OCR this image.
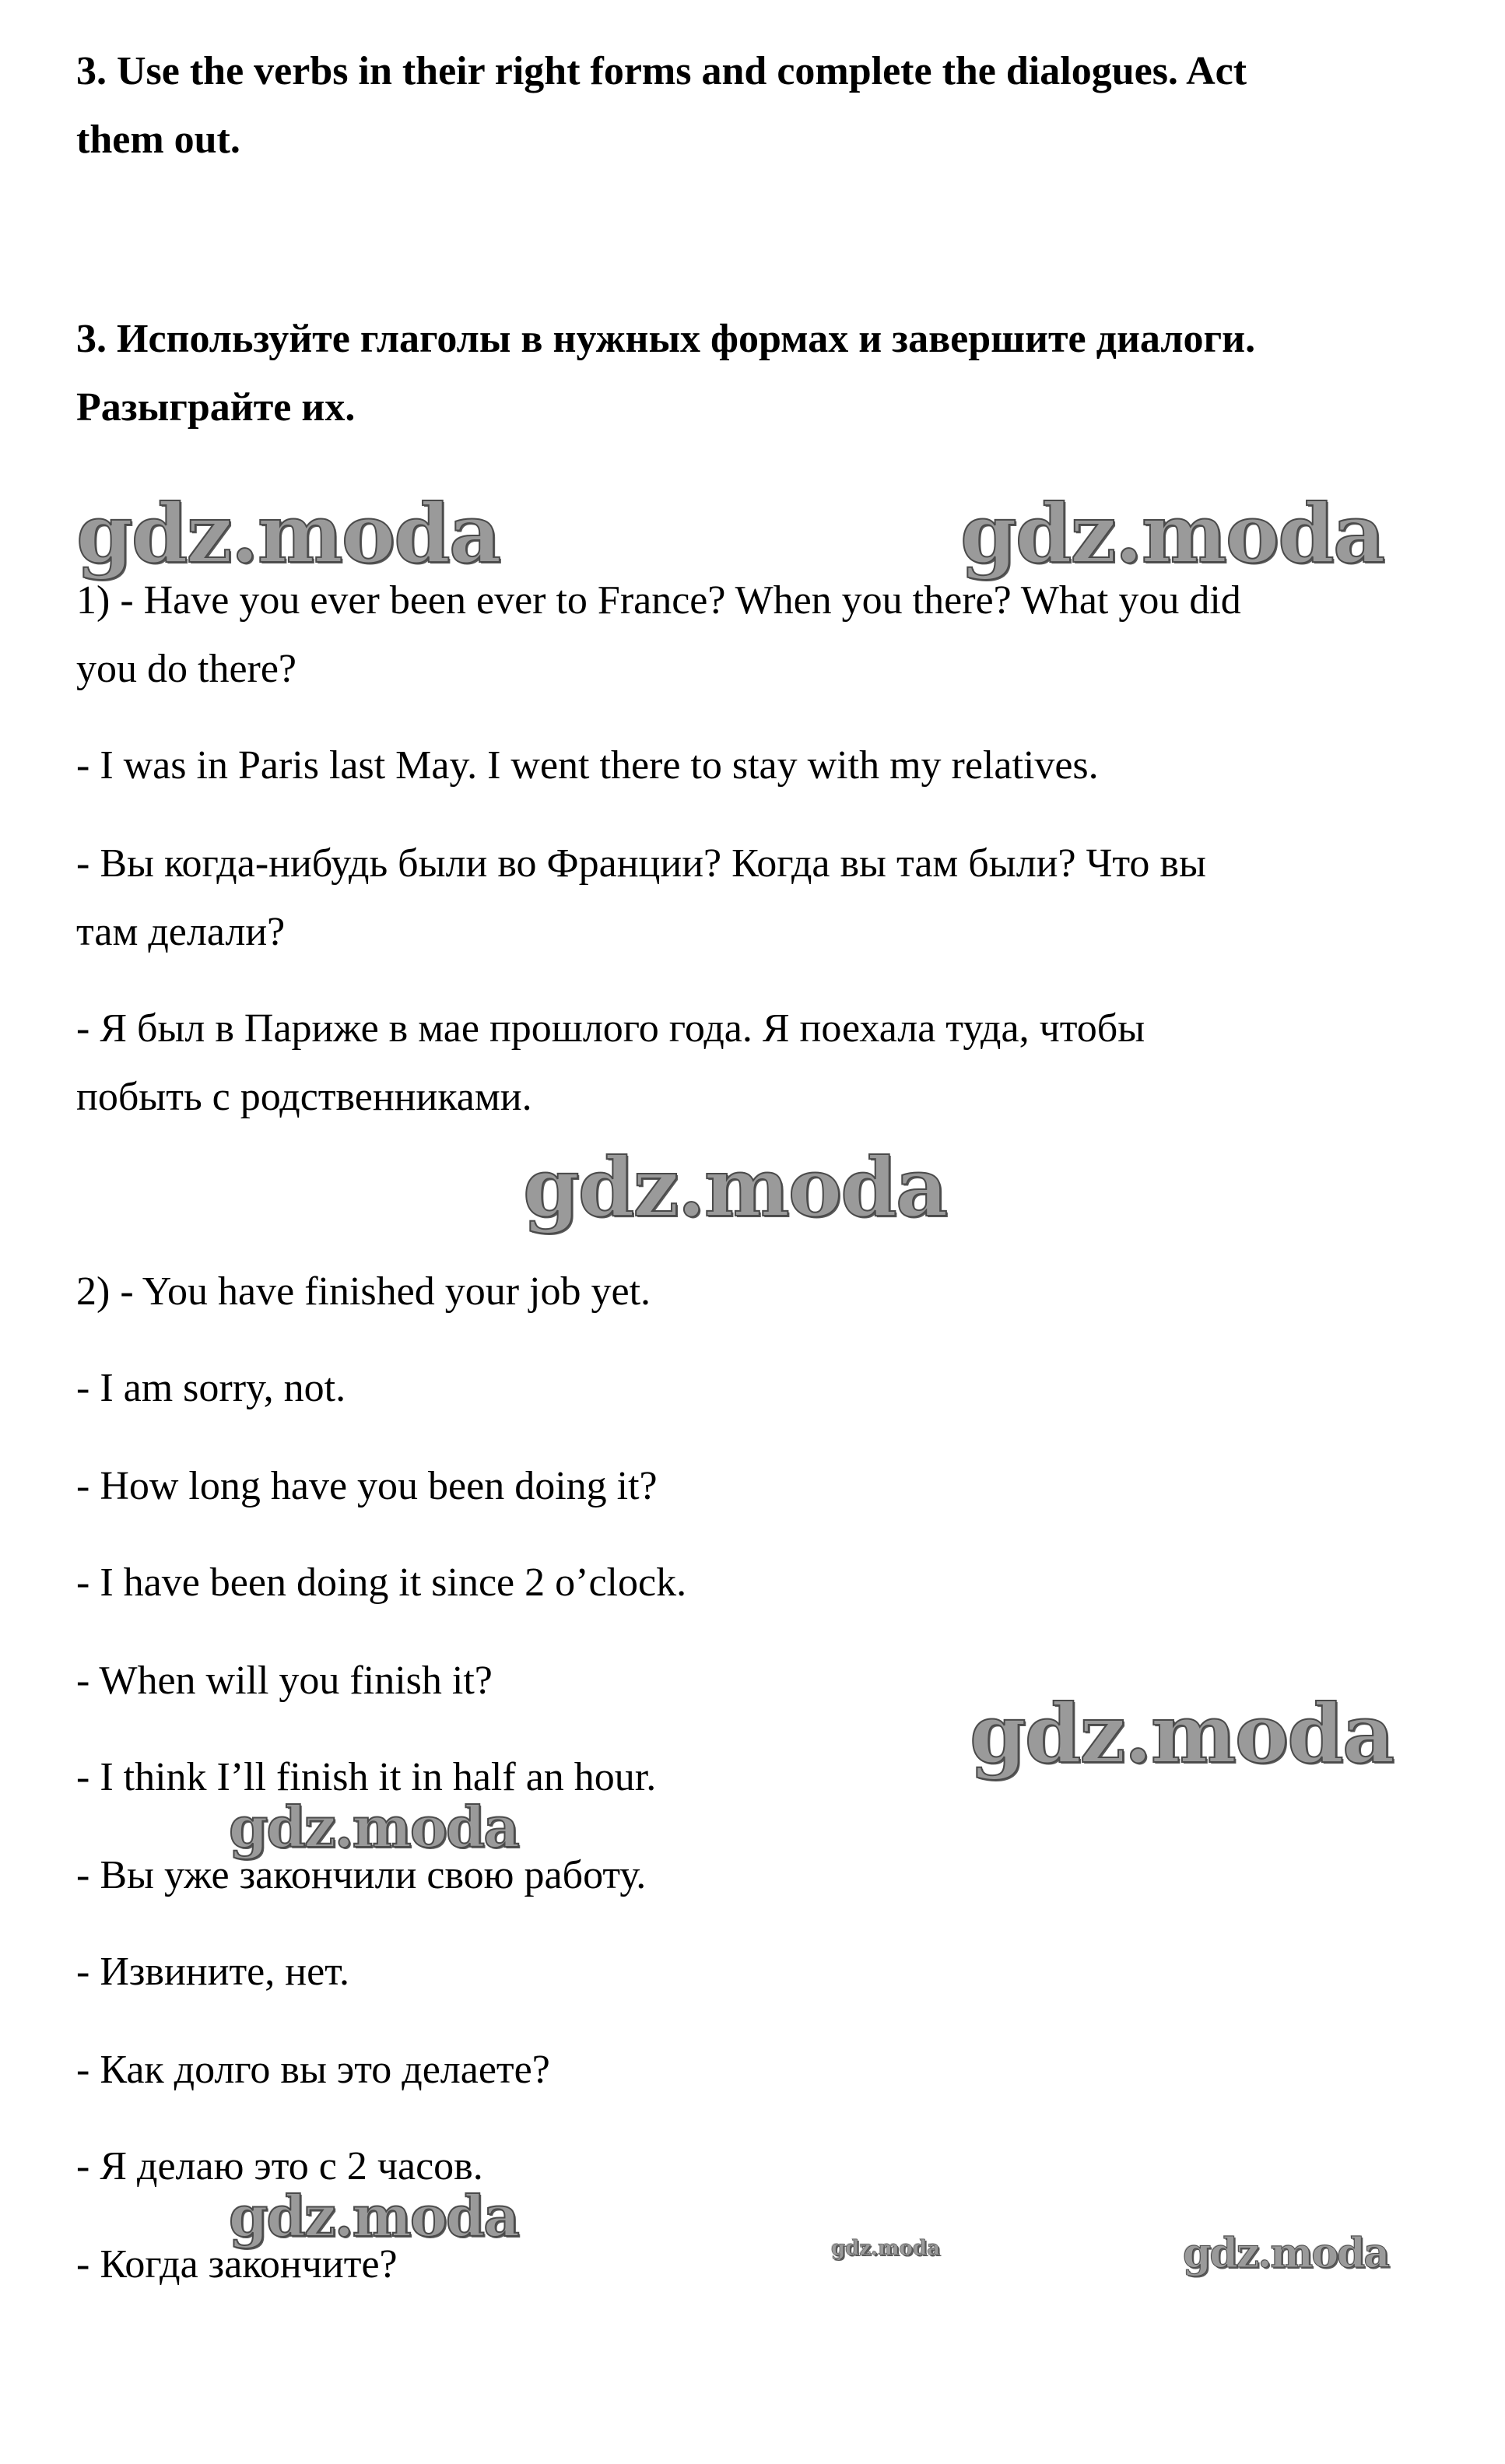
3. Use the verbs in their right forms and complete the dialogues. Act

them out.

3. Используйте глаголы в нужных формах и завершите диалоги.

Разыграйте их.

gdz.moda	gdz.moda

1) - Have you ever been ever to France? When you there? What you did

you do there?

- I was in Paris last May. I went there to stay with my relatives.

- Вы когда-нибудь были во Франции? Когда вы там были? Что вы

там делали?

- Я был в Париже в мае прошлого года. Я поехала туда, чтобы

побыть с родственниками.

gdz.moda

2) - You have finished your job yet.

- I am sorry, not.

- How long have you been doing it?

- I have been doing it since 2 o’clock.

- When will you finish it?

- I think I’ll finish it in half an hour.

- Вы уже закончили свою работу.

- Извините, нет.

- Как долго вы это делаете?

- Я делаю это с 2 часов.

- Когда закончите?

gdz.moda
gdz.moda
gdz.moda	gdz.moda	gdz.moda
